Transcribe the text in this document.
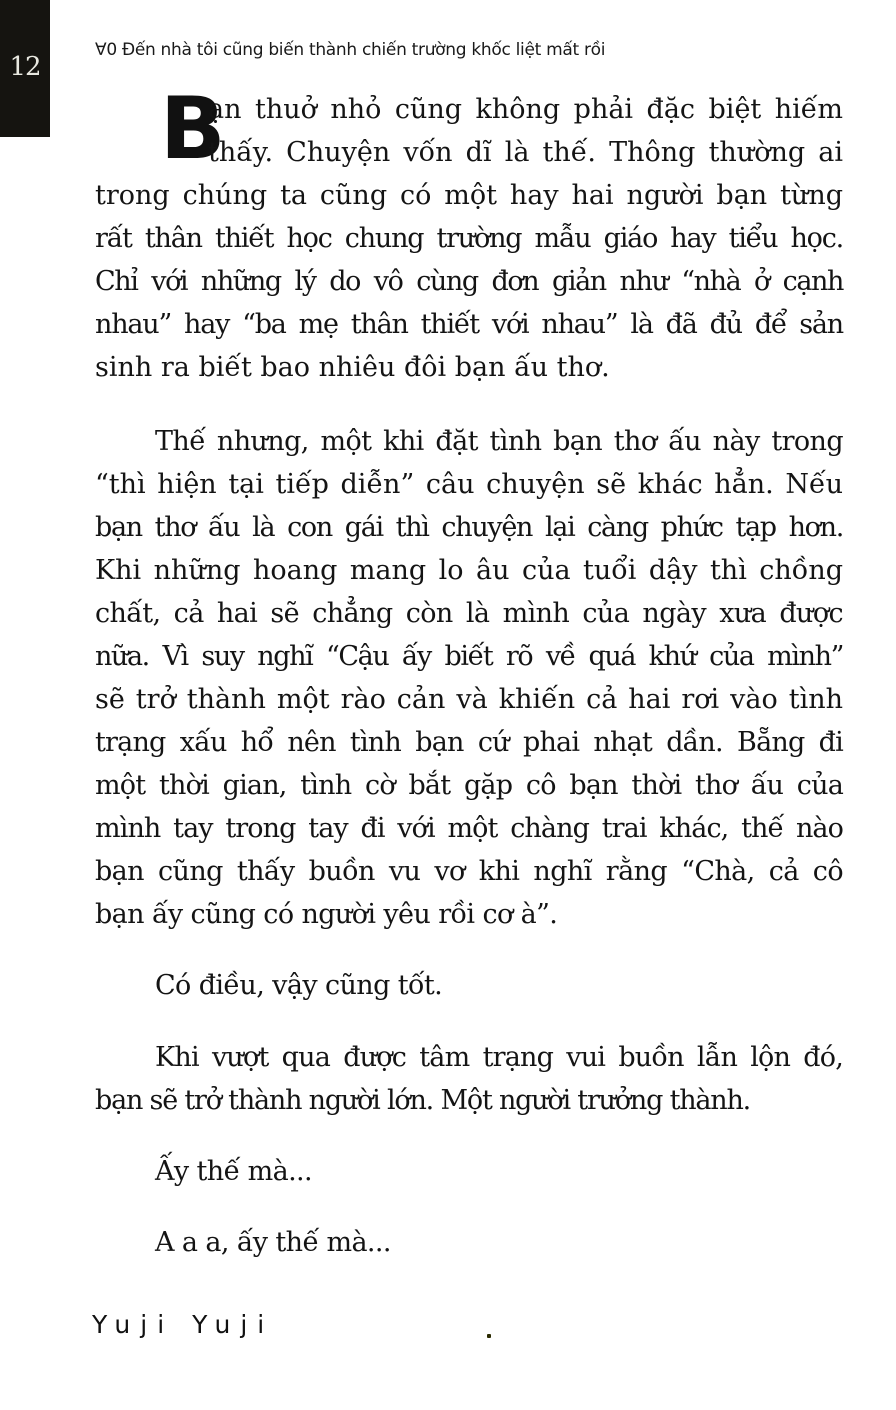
12
∀0 Đến nhà tôi cũng biến thành chiến trường khốc liệt mất rồi
B
ạn thuở nhỏ cũng không phải đặc biệt hiếm
thấy. Chuyện vốn dĩ là thế. Thông thường ai
trong chúng ta cũng có một hay hai người bạn từng
rất thân thiết học chung trường mẫu giáo hay tiểu học.
Chỉ với những lý do vô cùng đơn giản như “nhà ở cạnh
nhau” hay “ba mẹ thân thiết với nhau” là đã đủ để sản
sinh ra biết bao nhiêu đôi bạn ấu thơ.
Thế nhưng, một khi đặt tình bạn thơ ấu này trong
“thì hiện tại tiếp diễn” câu chuyện sẽ khác hẳn. Nếu
bạn thơ ấu là con gái thì chuyện lại càng phức tạp hơn.
Khi những hoang mang lo âu của tuổi dậy thì chồng
chất, cả hai sẽ chẳng còn là mình của ngày xưa được
nữa. Vì suy nghĩ “Cậu ấy biết rõ về quá khứ của mình”
sẽ trở thành một rào cản và khiến cả hai rơi vào tình
trạng xấu hổ nên tình bạn cứ phai nhạt dần. Bẵng đi
một thời gian, tình cờ bắt gặp cô bạn thời thơ ấu của
mình tay trong tay đi với một chàng trai khác, thế nào
bạn cũng thấy buồn vu vơ khi nghĩ rằng “Chà, cả cô
bạn ấy cũng có người yêu rồi cơ à”.
Có điều, vậy cũng tốt.
Khi vượt qua được tâm trạng vui buồn lẫn lộn đó,
bạn sẽ trở thành người lớn. Một người trưởng thành.
Ấy thế mà...
A a a, ấy thế mà...
Yuji Yuji
